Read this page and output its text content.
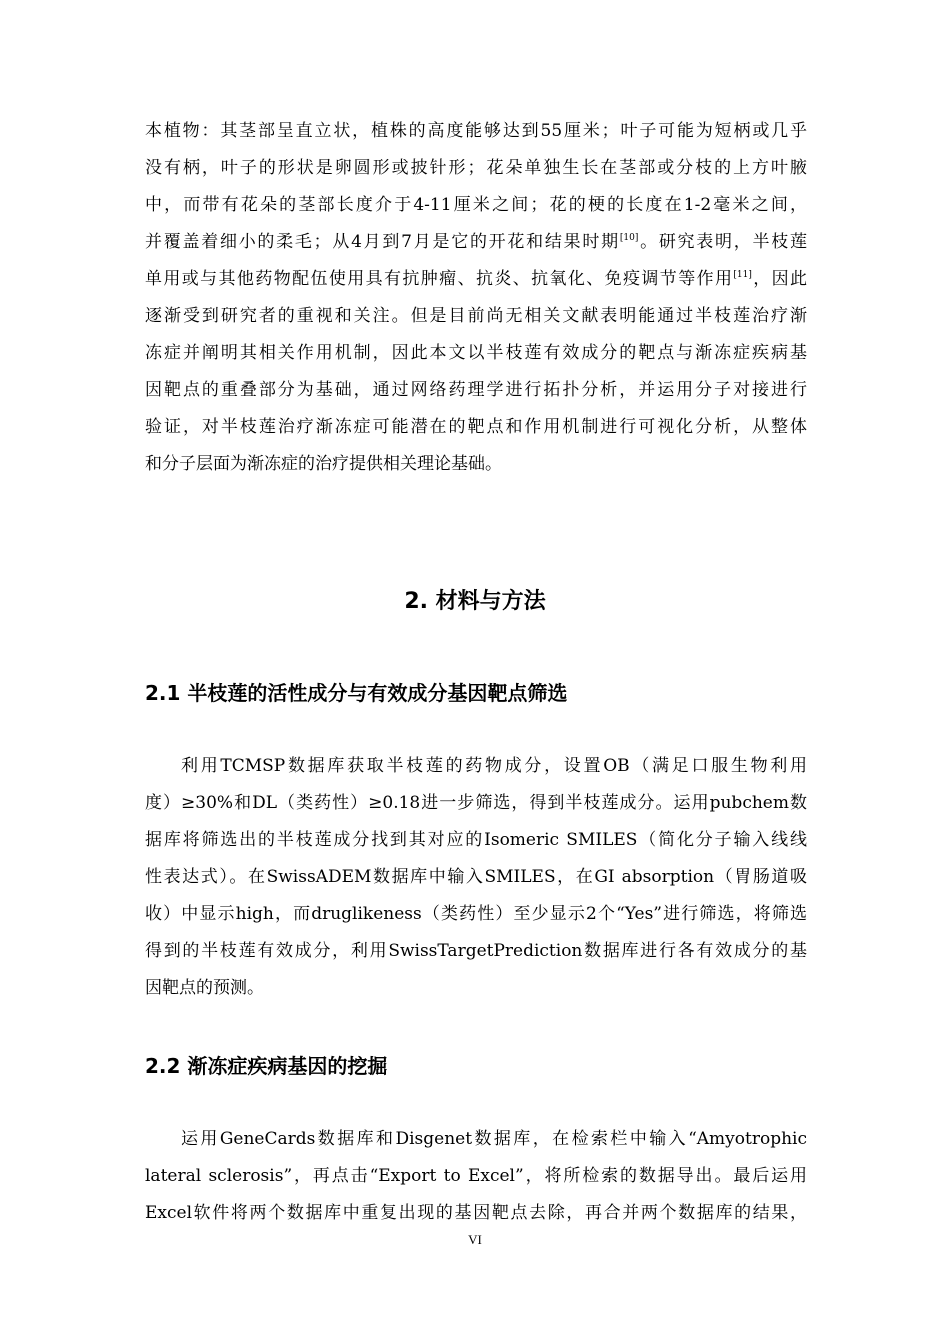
本植物：其茎部呈直立状，植株的高度能够达到55厘米；叶子可能为短柄或几乎
没有柄，叶子的形状是卵圆形或披针形；花朵单独生长在茎部或分枝的上方叶腋
中，而带有花朵的茎部长度介于4-11厘米之间；花的梗的长度在1-2毫米之间，
并覆盖着细小的柔毛；从4月到7月是它的开花和结果时期[10]。研究表明，半枝莲
单用或与其他药物配伍使用具有抗肿瘤、抗炎、抗氧化、免疫调节等作用[11]，因此
逐渐受到研究者的重视和关注。但是目前尚无相关文献表明能通过半枝莲治疗渐
冻症并阐明其相关作用机制，因此本文以半枝莲有效成分的靶点与渐冻症疾病基
因靶点的重叠部分为基础，通过网络药理学进行拓扑分析，并运用分子对接进行
验证，对半枝莲治疗渐冻症可能潜在的靶点和作用机制进行可视化分析，从整体
和分子层面为渐冻症的治疗提供相关理论基础。
2. 材料与方法
2.1 半枝莲的活性成分与有效成分基因靶点筛选
利用TCMSP数据库获取半枝莲的药物成分，设置OB（满足口服生物利用
度）≥30%和DL（类药性）≥0.18进一步筛选，得到半枝莲成分。运用pubchem数
据库将筛选出的半枝莲成分找到其对应的Isomeric SMILES（简化分子输入线线
性表达式）。在SwissADEM数据库中输入SMILES，在GI absorption（胃肠道吸
收）中显示high，而druglikeness（类药性）至少显示2个“Yes”进行筛选，将筛选
得到的半枝莲有效成分，利用SwissTargetPrediction数据库进行各有效成分的基
因靶点的预测。
2.2 渐冻症疾病基因的挖掘
运用GeneCards数据库和Disgenet数据库，在检索栏中输入“Amyotrophic
lateral sclerosis”，再点击“Export to Excel”，将所检索的数据导出。最后运用
Excel软件将两个数据库中重复出现的基因靶点去除，再合并两个数据库的结果，
VI
